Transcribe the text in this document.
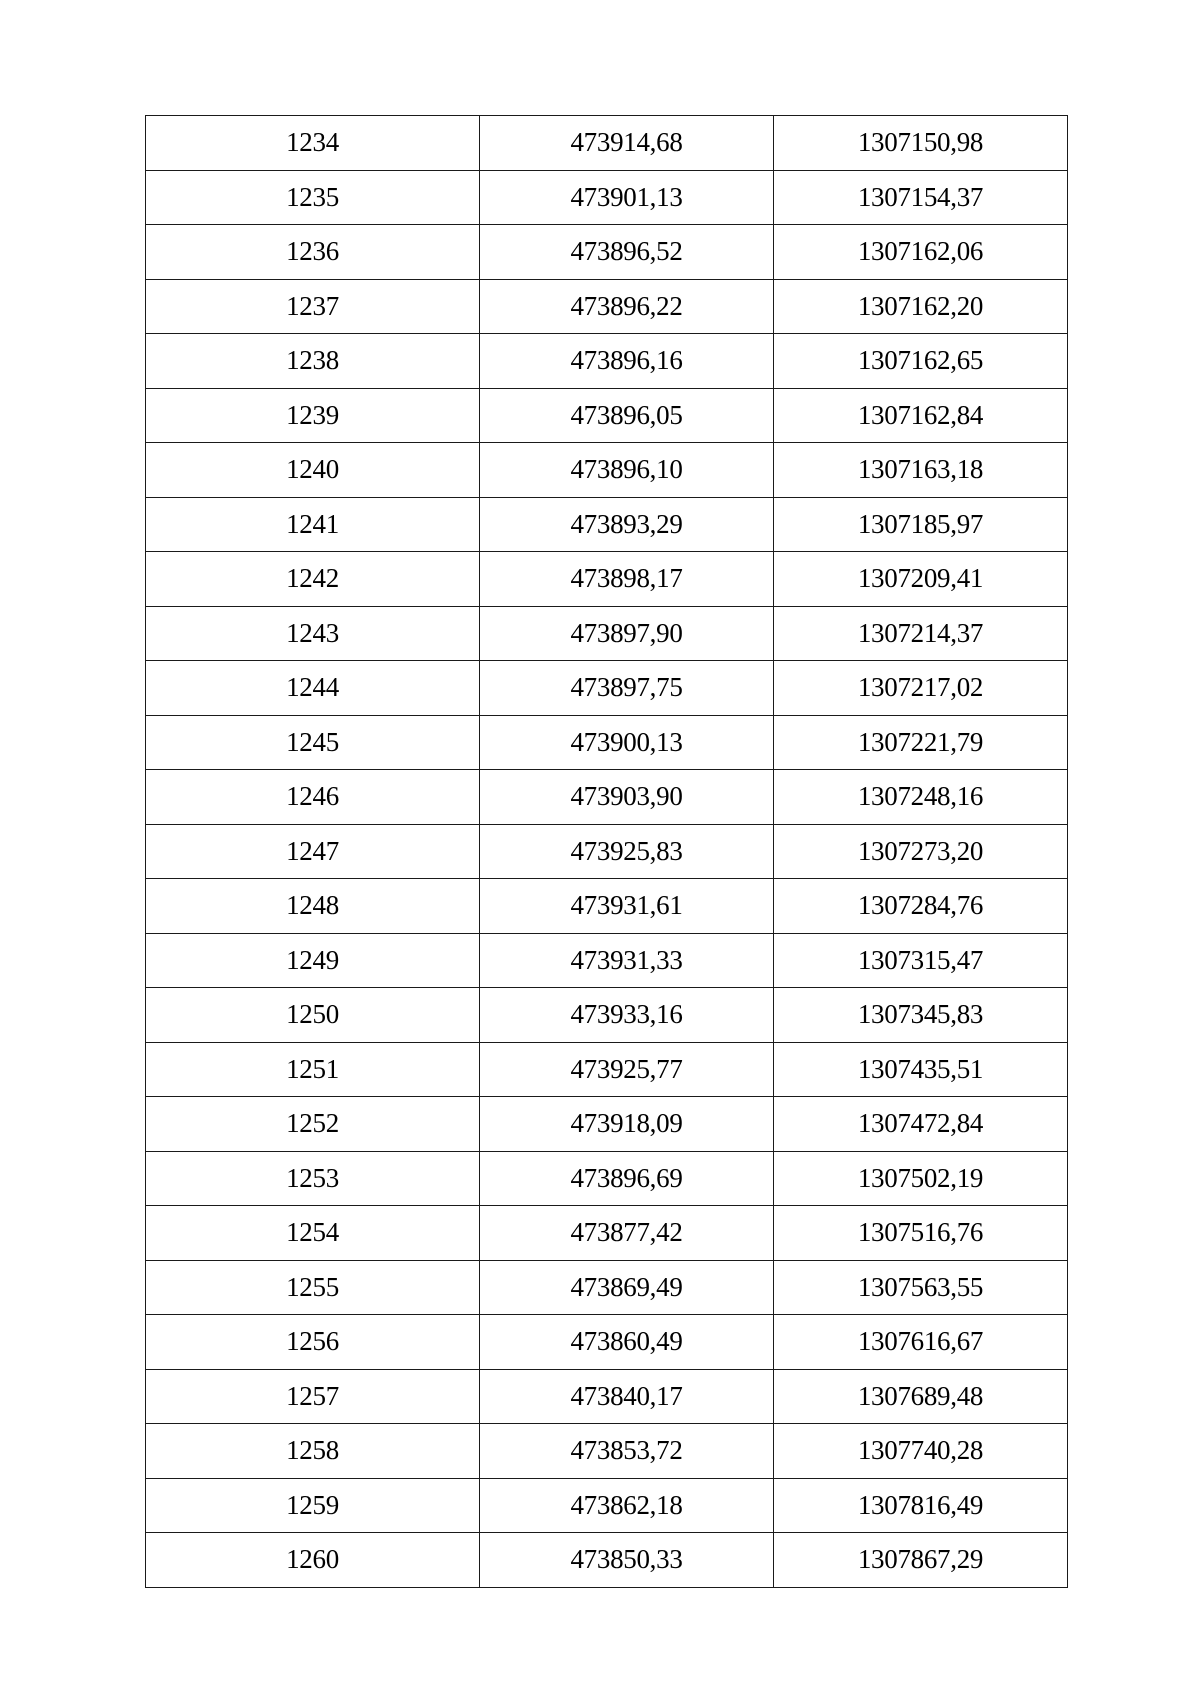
1234	473914,68	1307150,98
1235	473901,13	1307154,37
1236	473896,52	1307162,06
1237	473896,22	1307162,20
1238	473896,16	1307162,65
1239	473896,05	1307162,84
1240	473896,10	1307163,18
1241	473893,29	1307185,97
1242	473898,17	1307209,41
1243	473897,90	1307214,37
1244	473897,75	1307217,02
1245	473900,13	1307221,79
1246	473903,90	1307248,16
1247	473925,83	1307273,20
1248	473931,61	1307284,76
1249	473931,33	1307315,47
1250	473933,16	1307345,83
1251	473925,77	1307435,51
1252	473918,09	1307472,84
1253	473896,69	1307502,19
1254	473877,42	1307516,76
1255	473869,49	1307563,55
1256	473860,49	1307616,67
1257	473840,17	1307689,48
1258	473853,72	1307740,28
1259	473862,18	1307816,49
1260	473850,33	1307867,29
